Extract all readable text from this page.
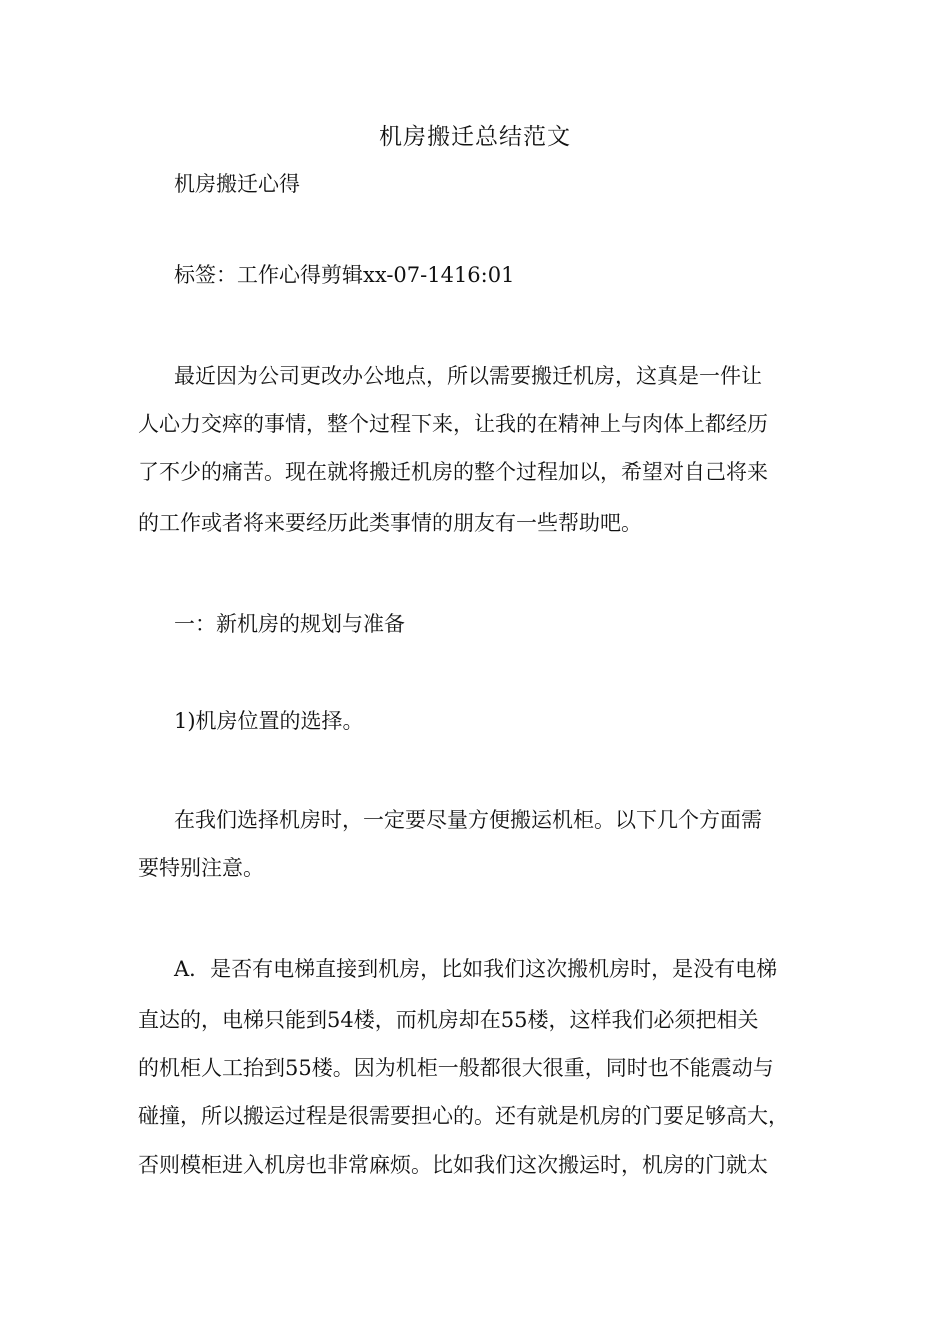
机房搬迁总结范文
机房搬迁心得
标签：工作心得剪辑xx-07-1416:01
最近因为公司更改办公地点，所以需要搬迁机房，这真是一件让
人心力交瘁的事情，整个过程下来，让我的在精神上与肉体上都经历
了不少的痛苦。现在就将搬迁机房的整个过程加以，希望对自己将来
的工作或者将来要经历此类事情的朋友有一些帮助吧。
一：新机房的规划与准备
1)机房位置的选择。
在我们选择机房时，一定要尽量方便搬运机柜。以下几个方面需
要特别注意。
A．是否有电梯直接到机房，比如我们这次搬机房时，是没有电梯
直达的，电梯只能到54楼，而机房却在55楼，这样我们必须把相关
的机柜人工抬到55楼。因为机柜一般都很大很重，同时也不能震动与
碰撞，所以搬运过程是很需要担心的。还有就是机房的门要足够高大，
否则模柜进入机房也非常麻烦。比如我们这次搬运时，机房的门就太
